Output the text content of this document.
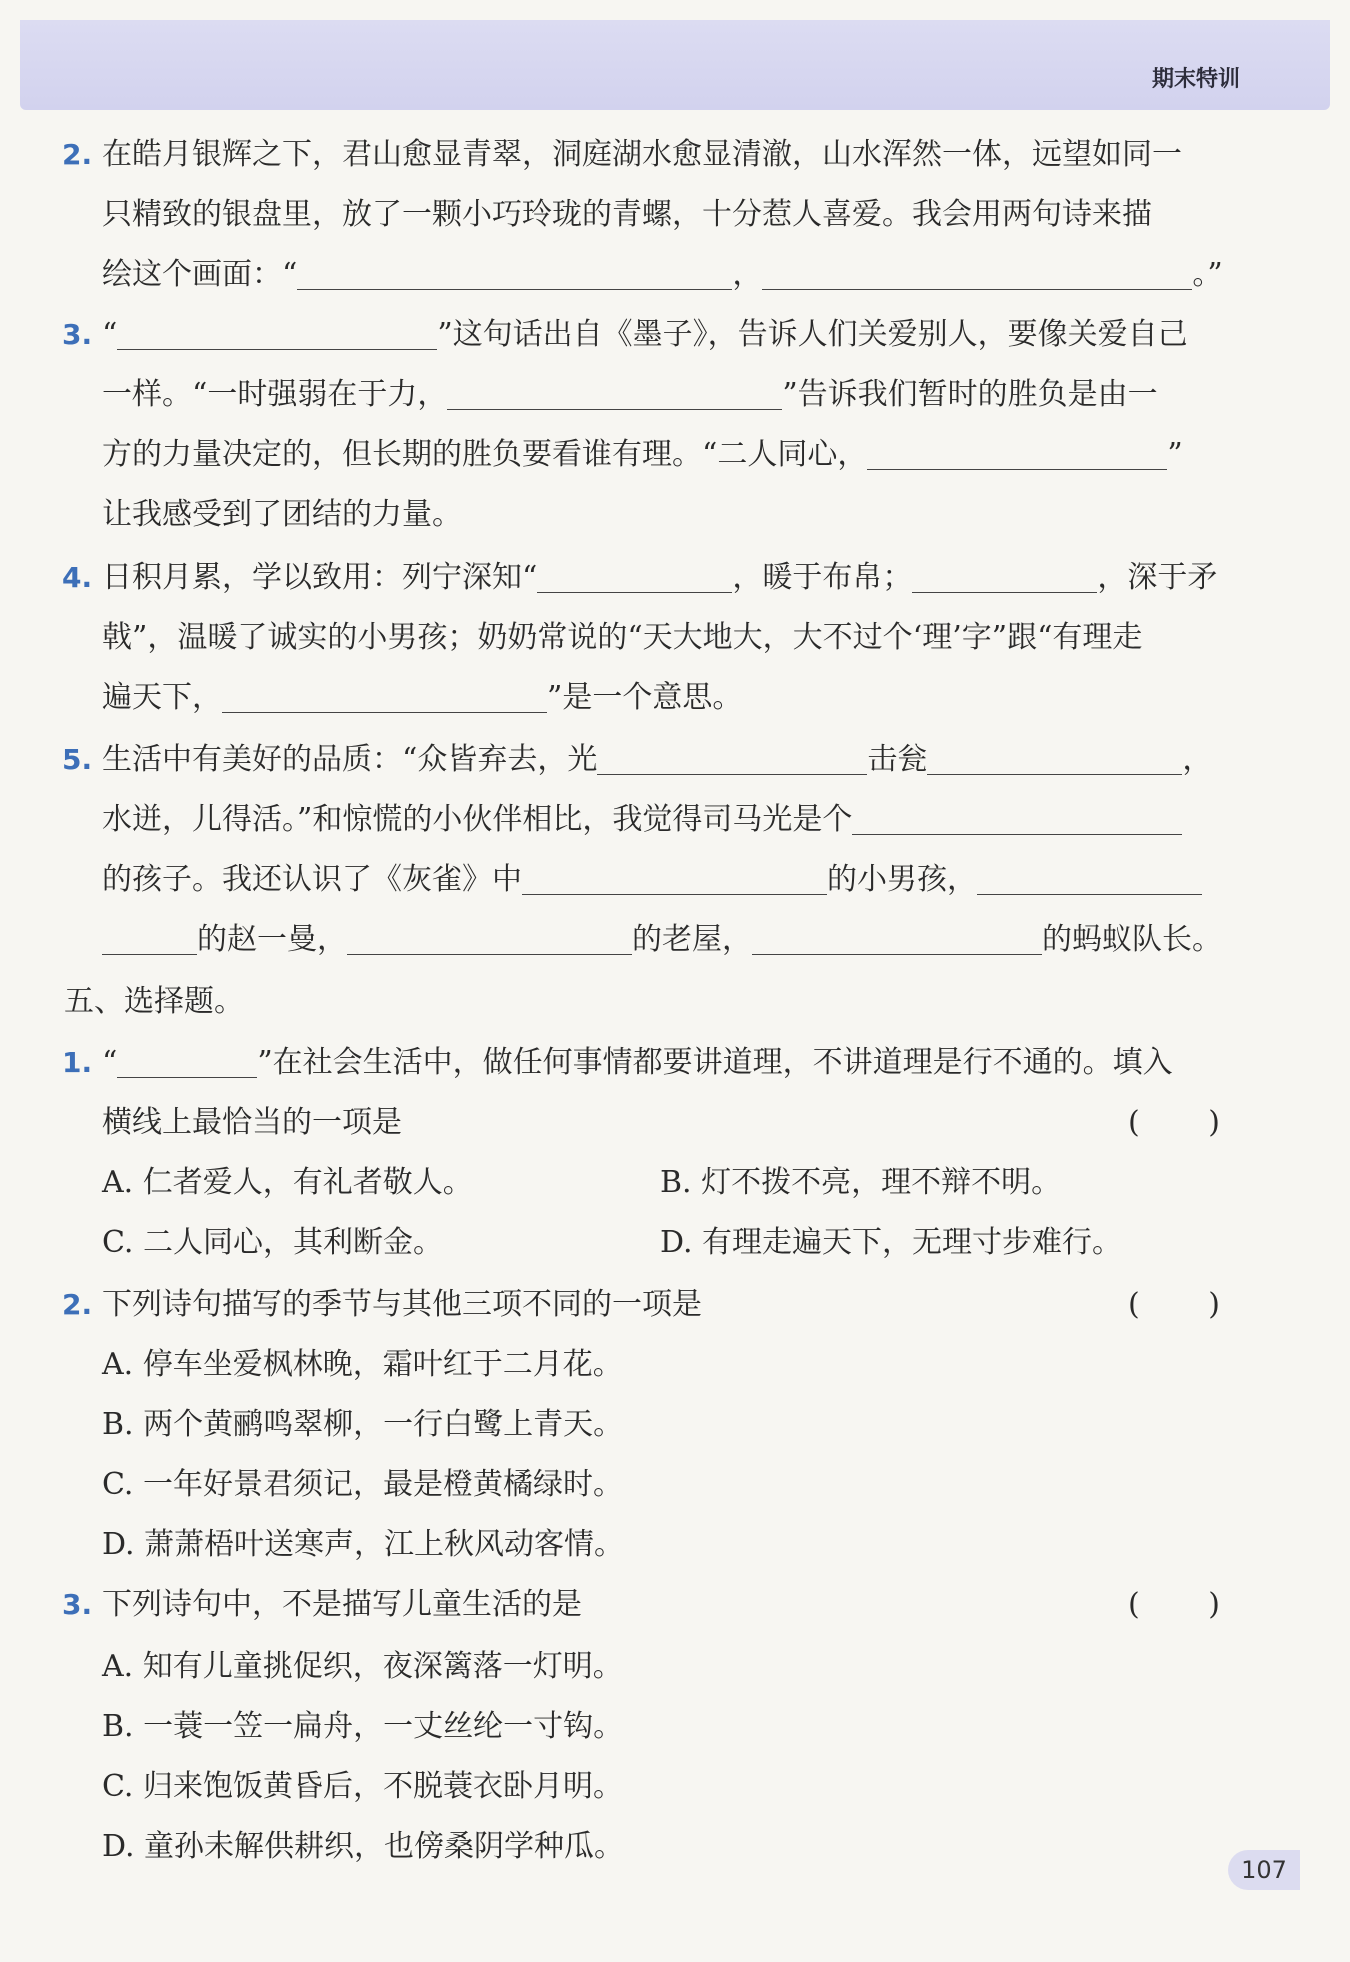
期末特训
2. 在皓月银辉之下，君山愈显青翠，洞庭湖水愈显清澈，山水浑然一体，远望如同一
只精致的银盘里，放了一颗小巧玲珑的青螺，十分惹人喜爱。我会用两句诗来描
绘这个画面：“	，	。”
3. “	”这句话出自《墨子》，告诉人们关爱别人，要像关爱自己
一样。“一时强弱在于力，	”告诉我们暂时的胜负是由一
方的力量决定的，但长期的胜负要看谁有理。“二人同心，	”
让我感受到了团结的力量。
4. 日积月累，学以致用：列宁深知“	，暖于布帛；	，深于矛
戟”，温暖了诚实的小男孩；奶奶常说的“天大地大，大不过个‘理’字”跟“有理走
遍天下，	”是一个意思。
5. 生活中有美好的品质：“众皆弃去，光	击瓮	，
水迸，儿得活。”和惊慌的小伙伴相比，我觉得司马光是个
的孩子。我还认识了《灰雀》中	的小男孩，
的赵一曼，	的老屋，	的蚂蚁队长。
五、选择题。
1. “	”在社会生活中，做任何事情都要讲道理，不讲道理是行不通的。填入
横线上最恰当的一项是	( )
A. 仁者爱人，有礼者敬人。	B. 灯不拨不亮，理不辩不明。
C. 二人同心，其利断金。	D. 有理走遍天下，无理寸步难行。
2. 下列诗句描写的季节与其他三项不同的一项是	( )
A. 停车坐爱枫林晚，霜叶红于二月花。
B. 两个黄鹂鸣翠柳，一行白鹭上青天。
C. 一年好景君须记，最是橙黄橘绿时。
D. 萧萧梧叶送寒声，江上秋风动客情。
3. 下列诗句中，不是描写儿童生活的是	( )
A. 知有儿童挑促织，夜深篱落一灯明。
B. 一蓑一笠一扁舟，一丈丝纶一寸钩。
C. 归来饱饭黄昏后，不脱蓑衣卧月明。
D. 童孙未解供耕织，也傍桑阴学种瓜。
107
